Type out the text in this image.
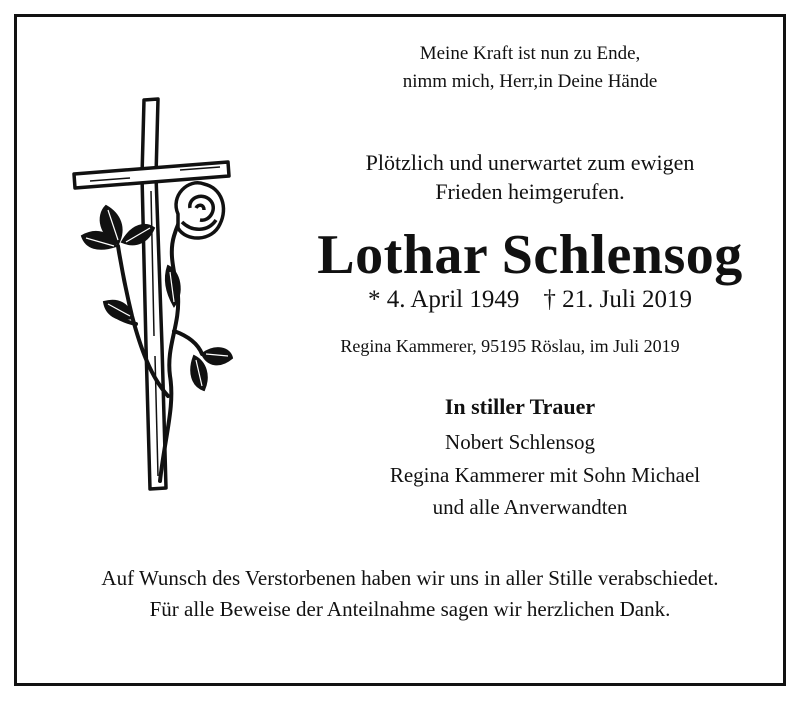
Meine Kraft ist nun zu Ende,
nimm mich, Herr,in Deine Hände
Plötzlich und unerwartet zum ewigen
Frieden heimgerufen.
Lothar Schlensog
* 4. April 1949 † 21. Juli 2019
Regina Kammerer, 95195 Röslau, im Juli 2019
In stiller Trauer
Nobert Schlensog
Regina Kammerer mit Sohn Michael
und alle Anverwandten
Auf Wunsch des Verstorbenen haben wir uns in aller Stille verabschiedet.
Für alle Beweise der Anteilnahme sagen wir herzlichen Dank.
